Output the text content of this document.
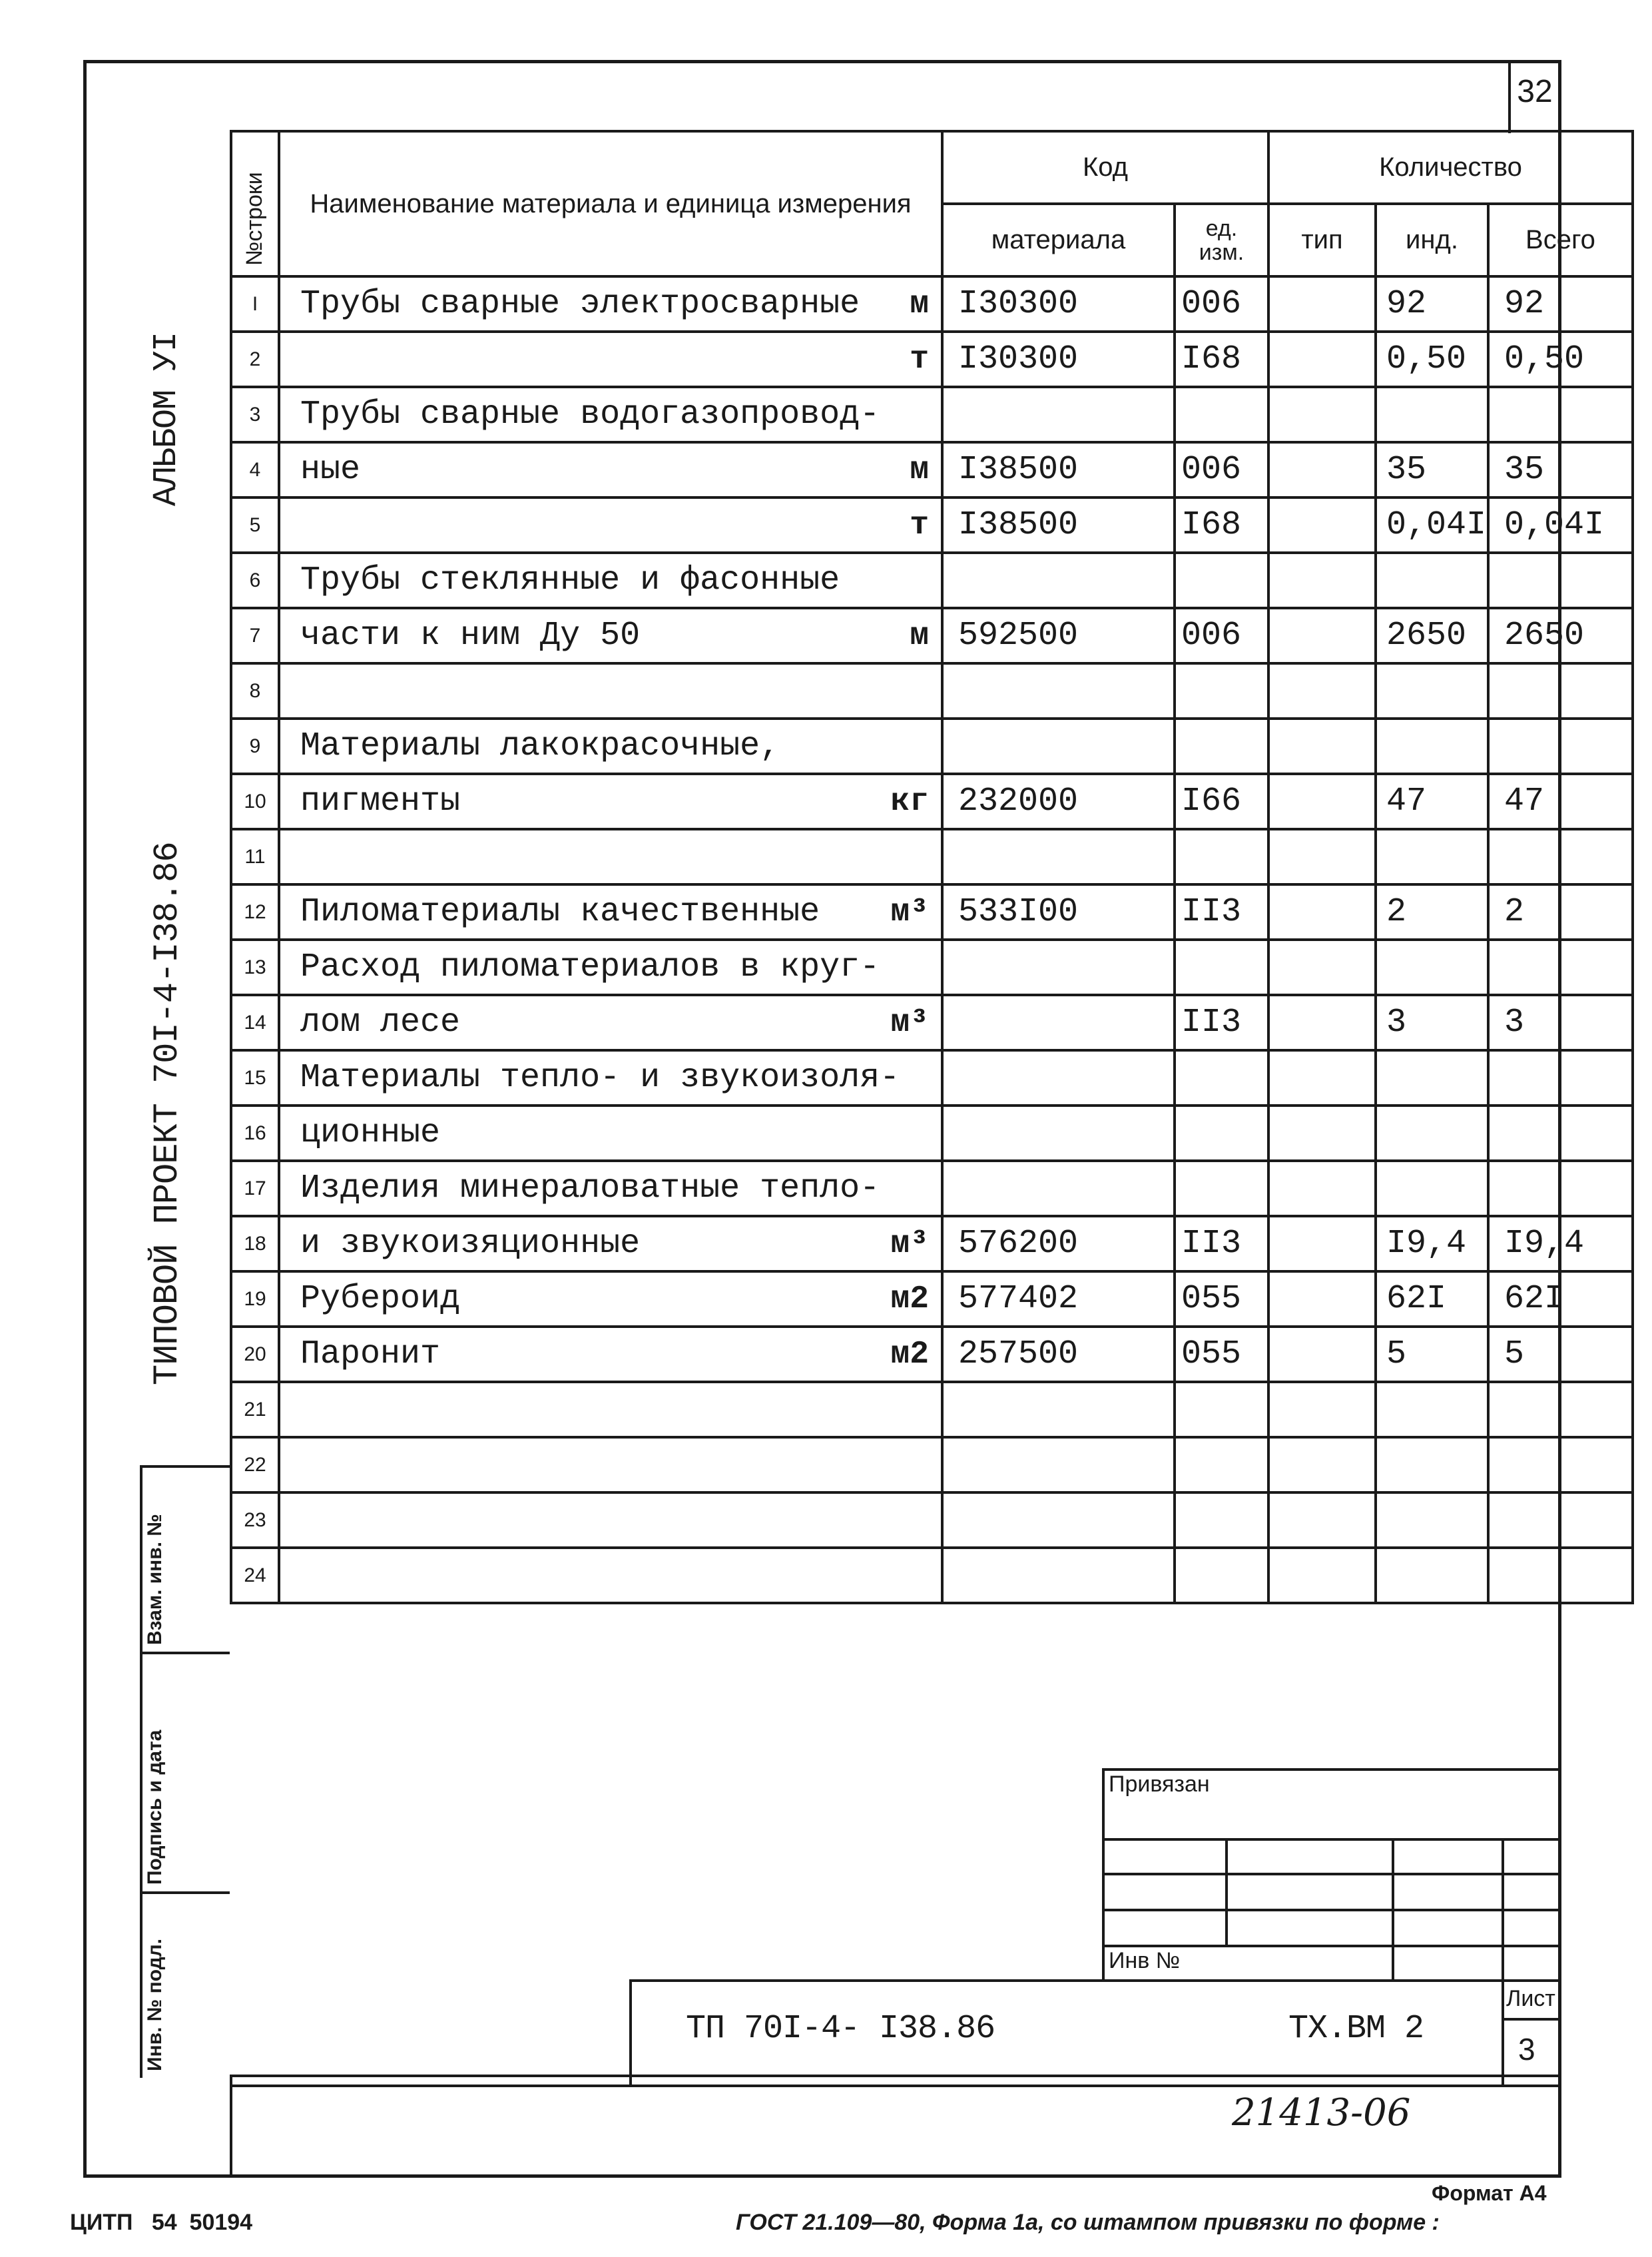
32
АЛЬБОМ УІ
ТИПОВОЙ ПРОЕКТ 70I-4-I38.86
Взам. инв. №
Подпись и дата
Инв. № подл.
№строки	Наименование материала и единица измерения	Код		Количество		
		материала	ед. изм.	тип	инд.	Всего
I	Трубы сварные электросварные м	I30300	006		92	92
2	т	I30300	I68		0,50	0,50
3	Трубы сварные водогазопровод-

4	ные м	I38500	006		35	35
5	т	I38500	I68		0,04I	0,04I
6	Трубы стеклянные и фасонные

7	части к ним Ду 50 м	592500	006		2650	2650
8	

9	Материалы лакокрасочные,

10	пигменты кг	232000	I66		47	47
11	

12	Пиломатериалы качественные м³	533I00	II3		2	2
13	Расход пиломатериалов в круг-

14	лом лесе м³		II3		3	3
15	Материалы тепло- и звукоизоля-

16	ционные

17	Изделия минераловатные тепло-

18	и звукоизяционные м³	576200	II3		I9,4	I9,4
19	Рубероид м2	577402	055		62I	62I
20	Паронит м2	257500	055		5	5
21	

22	

23	

24	

Привязан
Инв №
ТП 70I-4- I38.86	ТХ.ВМ 2
Лист
3
21413-06
Формат А4
ЦИТП   54  50194	ГОСТ 21.109—80, Форма 1а, со штампом привязки по форме :
